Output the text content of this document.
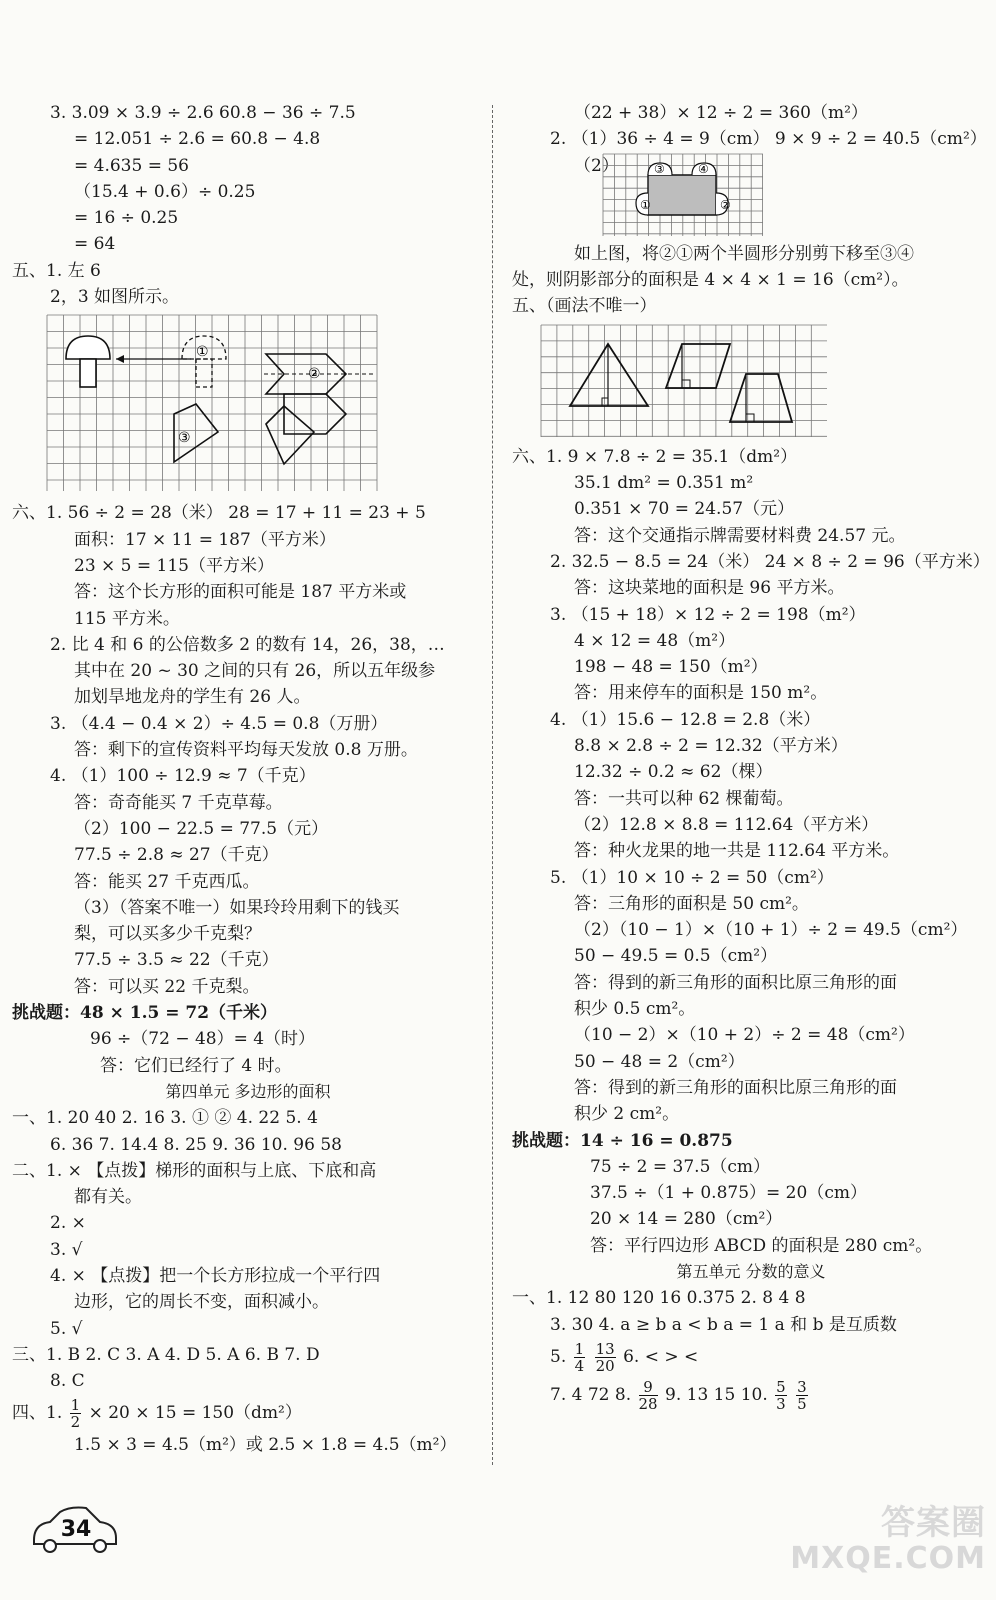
3. 3.09 × 3.9 ÷ 2.6 60.8 − 36 ÷ 7.5
= 12.051 ÷ 2.6 = 60.8 − 4.8
= 4.635 = 56
（15.4 + 0.6）÷ 0.25
= 16 ÷ 0.25
= 64
五、1. 左 6
2，3 如图所示。
①
②
③
六、1. 56 ÷ 2 = 28（米） 28 = 17 + 11 = 23 + 5
面积：17 × 11 = 187（平方米）
23 × 5 = 115（平方米）
答：这个长方形的面积可能是 187 平方米或
115 平方米。
2. 比 4 和 6 的公倍数多 2 的数有 14，26，38，…
其中在 20 ~ 30 之间的只有 26，所以五年级参
加划旱地龙舟的学生有 26 人。
3. （4.4 − 0.4 × 2）÷ 4.5 = 0.8（万册）
答：剩下的宣传资料平均每天发放 0.8 万册。
4. （1）100 ÷ 12.9 ≈ 7（千克）
答：奇奇能买 7 千克草莓。
（2）100 − 22.5 = 77.5（元）
77.5 ÷ 2.8 ≈ 27（千克）
答：能买 27 千克西瓜。
（3）（答案不唯一）如果玲玲用剩下的钱买
梨，可以买多少千克梨？
77.5 ÷ 3.5 ≈ 22（千克）
答：可以买 22 千克梨。
挑战题：48 × 1.5 = 72（千米）
96 ÷（72 − 48）= 4（时）
答：它们已经行了 4 时。
第四单元 多边形的面积
一、1. 20 40 2. 16 3. ① ② 4. 22 5. 4
6. 36 7. 14.4 8. 25 9. 36 10. 96 58
二、1. × 【点拨】梯形的面积与上底、下底和高
都有关。
2. ×
3. √
4. × 【点拨】把一个长方形拉成一个平行四
边形，它的周长不变，面积减小。
5. √
三、1. B 2. C 3. A 4. D 5. A 6. B 7. D
8. C
四、1. $\frac{1}{2} \times 20 \times 15 = 150(dm^2)$
1.5 × 3 = 4.5（m²）或 2.5 × 1.8 = 4.5（m²）
（22 + 38）× 12 ÷ 2 = 360（m²）
2. （1）36 ÷ 4 = 9（cm） 9 × 9 ÷ 2 = 40.5（cm²）
（2）	③	④
①	②
如上图，将②①两个半圆形分别剪下移至③④
处，则阴影部分的面积是 4 × 4 × 1 = 16（cm²）。
五、（画法不唯一）
六、1. 9 × 7.8 ÷ 2 = 35.1（dm²）
35.1 dm² = 0.351 m²
0.351 × 70 = 24.57（元）
答：这个交通指示牌需要材料费 24.57 元。
2. 32.5 − 8.5 = 24（米） 24 × 8 ÷ 2 = 96（平方米）
答：这块菜地的面积是 96 平方米。
3. （15 + 18）× 12 ÷ 2 = 198（m²）
4 × 12 = 48（m²）
198 − 48 = 150（m²）
答：用来停车的面积是 150 m²。
4. （1）15.6 − 12.8 = 2.8（米）
8.8 × 2.8 ÷ 2 = 12.32（平方米）
12.32 ÷ 0.2 ≈ 62（棵）
答：一共可以种 62 棵葡萄。
（2）12.8 × 8.8 = 112.64（平方米）
答：种火龙果的地一共是 112.64 平方米。
5. （1）10 × 10 ÷ 2 = 50（cm²）
答：三角形的面积是 50 cm²。
（2）（10 − 1）×（10 + 1）÷ 2 = 49.5（cm²）
50 − 49.5 = 0.5（cm²）
答：得到的新三角形的面积比原三角形的面
积少 0.5 cm²。
（10 − 2）×（10 + 2）÷ 2 = 48（cm²）
50 − 48 = 2（cm²）
答：得到的新三角形的面积比原三角形的面
积少 2 cm²。
挑战题：14 ÷ 16 = 0.875
75 ÷ 2 = 37.5（cm）
37.5 ÷（1 + 0.875）= 20（cm）
20 × 14 = 280（cm²）
答：平行四边形 ABCD 的面积是 280 cm²。
第五单元 分数的意义
一、1. 12 80 120 16 0.375 2. 8 4 8
3. 30 4. a ≥ b a < b a = 1 a 和 b 是互质数
5. $\frac{1}{4}$
$\frac{13}{20} 6$. < > <
7. 4 72 8. $\frac{9}{28} 9$. 13 15 10. $\frac{5}{3}$
$\frac{3}{5}$
34	答案圈
MXQE.COM
